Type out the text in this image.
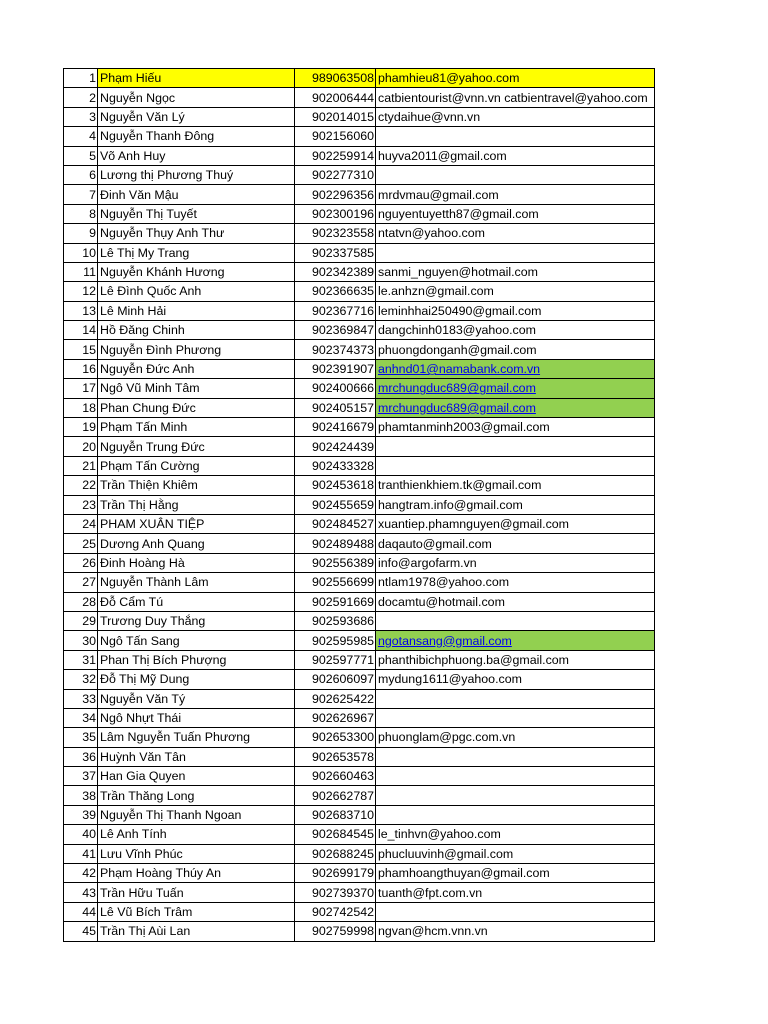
1	Phạm Hiếu	989063508	phamhieu81@yahoo.com
2	Nguyễn Ngọc	902006444	catbientourist@vnn.vn catbientravel@yahoo.com
3	Nguyễn Văn Lý	902014015	ctydaihue@vnn.vn
4	Nguyễn Thanh Đông	902156060	
5	Võ Anh Huy	902259914	huyva2011@gmail.com
6	Lương thị Phương Thuý	902277310	
7	Đinh Văn Mậu	902296356	mrdvmau@gmail.com
8	Nguyễn Thị Tuyết	902300196	nguyentuyetth87@gmail.com
9	Nguyễn Thụy Anh Thư	902323558	ntatvn@yahoo.com
10	Lê Thị My Trang	902337585	
11	Nguyễn Khánh Hương	902342389	sanmi_nguyen@hotmail.com
12	Lê Đình Quốc Anh	902366635	le.anhzn@gmail.com
13	Lê Minh Hải	902367716	leminhhai250490@gmail.com
14	Hồ Đăng Chinh	902369847	dangchinh0183@yahoo.com
15	Nguyễn Đình Phương	902374373	phuongdonganh@gmail.com
16	Nguyễn Đức Anh	902391907	anhnd01@namabank.com.vn
17	Ngô Vũ Minh Tâm	902400666	mrchungduc689@gmail.com
18	Phan Chung Đức	902405157	mrchungduc689@gmail.com
19	Phạm Tấn Minh	902416679	phamtanminh2003@gmail.com
20	Nguyễn Trung Đức	902424439	
21	Phạm Tấn Cường	902433328	
22	Trần Thiện Khiêm	902453618	tranthienkhiem.tk@gmail.com
23	Trần Thị Hằng	902455659	hangtram.info@gmail.com
24	PHAM XUÂN TIỆP	902484527	xuantiep.phamnguyen@gmail.com
25	Dương Anh Quang	902489488	daqauto@gmail.com
26	Đinh Hoàng Hà	902556389	info@argofarm.vn
27	Nguyễn Thành Lâm	902556699	ntlam1978@yahoo.com
28	Đỗ Cẩm Tú	902591669	docamtu@hotmail.com
29	Trương Duy Thắng	902593686	
30	Ngô Tấn Sang	902595985	ngotansang@gmail.com
31	Phan Thị Bích Phượng	902597771	phanthibichphuong.ba@gmail.com
32	Đỗ Thị Mỹ Dung	902606097	mydung1611@yahoo.com
33	Nguyễn Văn Tý	902625422	
34	Ngô Nhựt Thái	902626967	
35	Lâm Nguyễn Tuấn Phương	902653300	phuonglam@pgc.com.vn
36	Huỳnh Văn Tân	902653578	
37	Han Gia Quyen	902660463	
38	Trần Thăng Long	902662787	
39	Nguyễn Thị Thanh Ngoan	902683710	
40	Lê Anh Tính	902684545	le_tinhvn@yahoo.com
41	Lưu Vĩnh Phúc	902688245	phucluuvinh@gmail.com
42	Phạm Hoàng Thúy An	902699179	phamhoangthuyan@gmail.com
43	Trần Hữu Tuấn	902739370	tuanth@fpt.com.vn
44	Lê Vũ Bích Trâm	902742542	
45	Trần Thị Aùi Lan	902759998	ngvan@hcm.vnn.vn
